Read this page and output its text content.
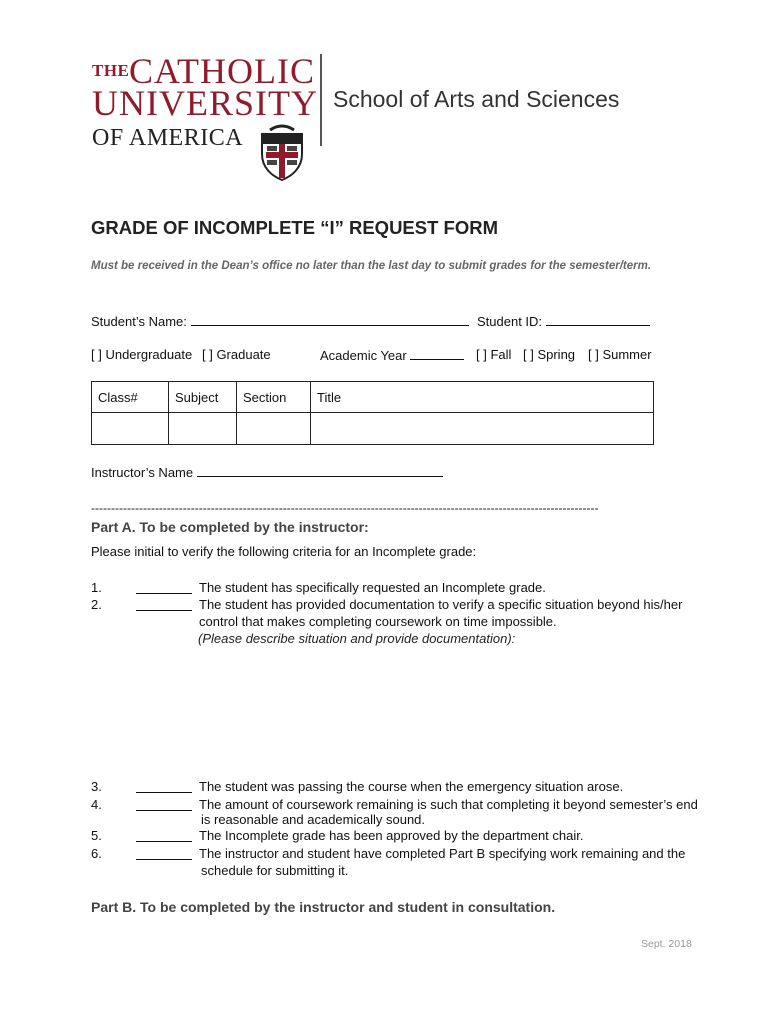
THE CATHOLIC
UNIVERSITY
OF AMERICA
School of Arts and Sciences
GRADE OF INCOMPLETE “I” REQUEST FORM
Must be received in the Dean’s office no later than the last day to submit grades for the semester/term.
Student’s Name:	Student ID:
[ ] Undergraduate [ ] Graduate	Academic Year	[ ] Fall [ ] Spring [ ] Summer
Class#	Subject	Section	Title

Instructor’s Name
-------------------------------------------------------------------------------------------------------------------------------
Part A. To be completed by the instructor:
Please initial to verify the following criteria for an Incomplete grade:
1.	The student has specifically requested an Incomplete grade.
2.	The student has provided documentation to verify a specific situation beyond his/her
control that makes completing coursework on time impossible.
(Please describe situation and provide documentation):
3.	The student was passing the course when the emergency situation arose.
4.	The amount of coursework remaining is such that completing it beyond semester’s end
is reasonable and academically sound.
5.	The Incomplete grade has been approved by the department chair.
6.	The instructor and student have completed Part B specifying work remaining and the
schedule for submitting it.
Part B. To be completed by the instructor and student in consultation.
Sept. 2018
